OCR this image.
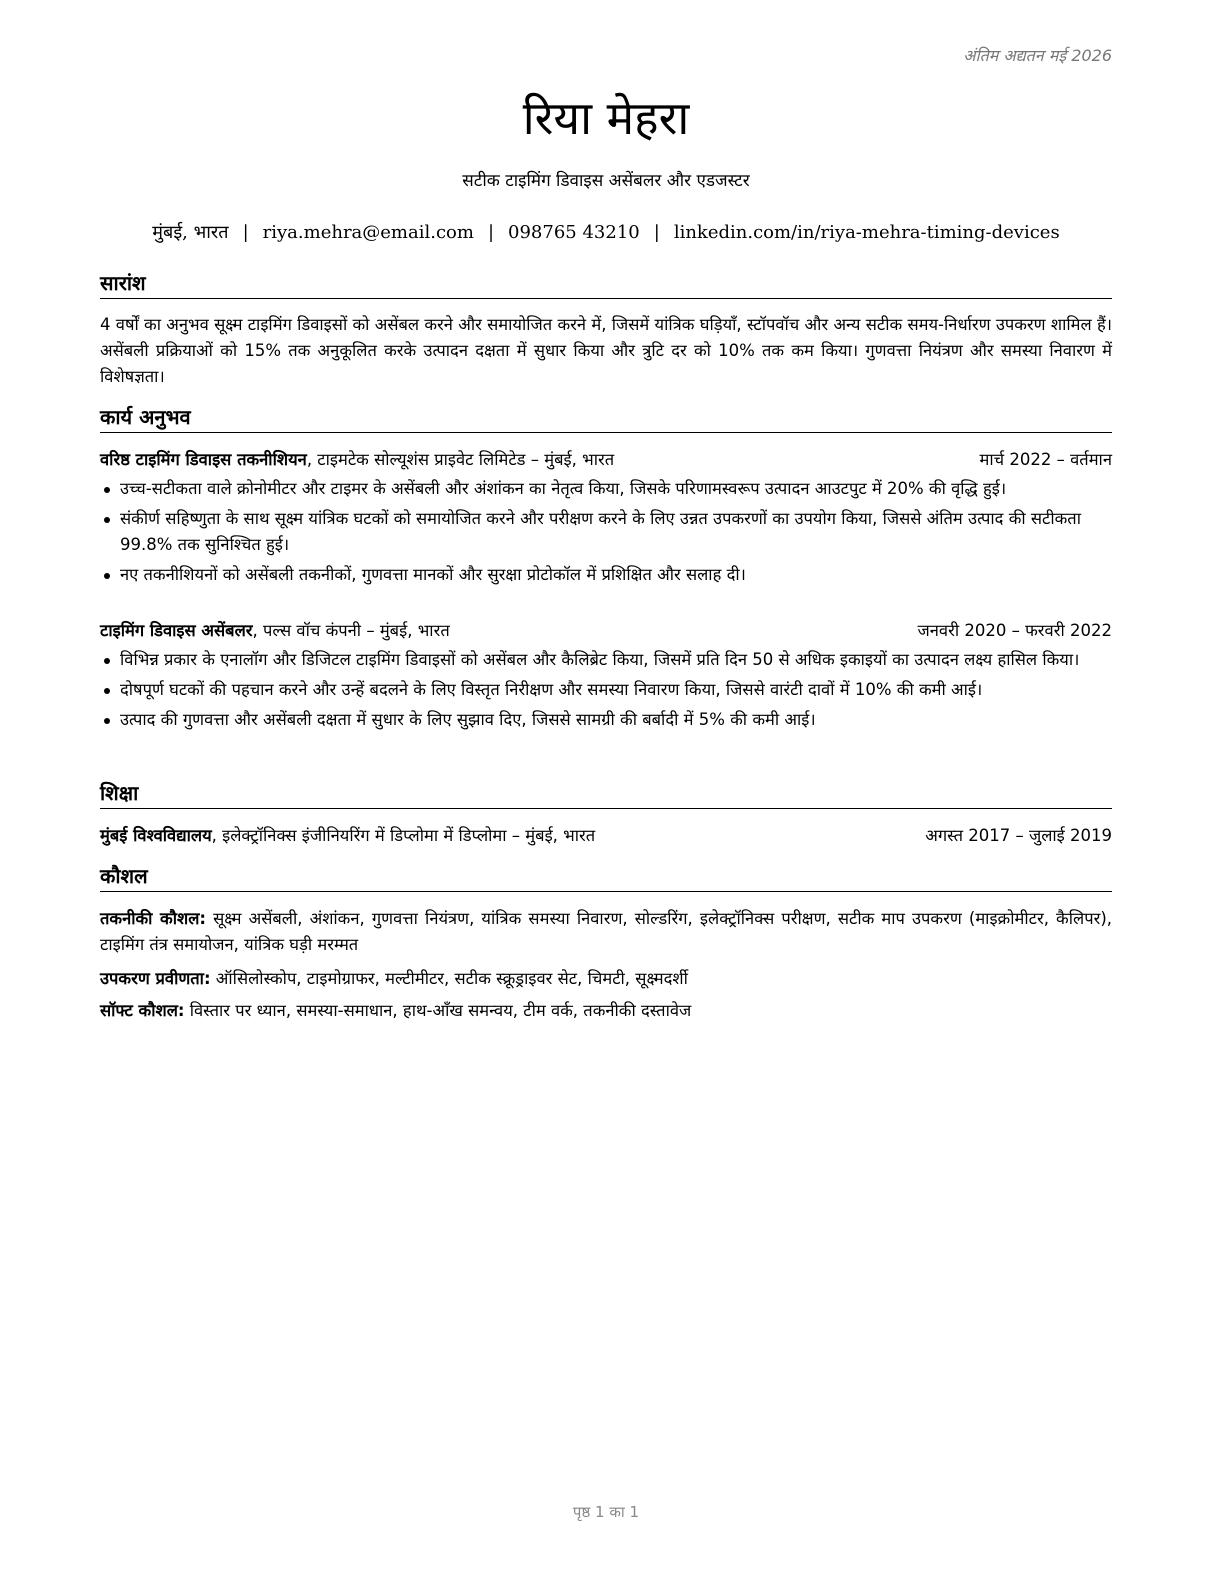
अंतिम अद्यतन मई 2026
रिया मेहरा
सटीक टाइमिंग डिवाइस असेंबलर और एडजस्टर
मुंबई, भारत | riya.mehra@email.com | 098765 43210 | linkedin.com/in/riya-mehra-timing-devices
सारांश
4 वर्षों का अनुभव सूक्ष्म टाइमिंग डिवाइसों को असेंबल करने और समायोजित करने में, जिसमें यांत्रिक घड़ियाँ, स्टॉपवॉच और अन्य सटीक समय-निर्धारण उपकरण शामिल हैं। असेंबली प्रक्रियाओं को 15% तक अनुकूलित करके उत्पादन दक्षता में सुधार किया और त्रुटि दर को 10% तक कम किया। गुणवत्ता नियंत्रण और समस्या निवारण में विशेषज्ञता।
कार्य अनुभव
वरिष्ठ टाइमिंग डिवाइस तकनीशियन, टाइमटेक सोल्यूशंस प्राइवेट लिमिटेड – मुंबई, भारत	मार्च 2022 – वर्तमान
उच्च-सटीकता वाले क्रोनोमीटर और टाइमर के असेंबली और अंशांकन का नेतृत्व किया, जिसके परिणामस्वरूप उत्पादन आउटपुट में 20% की वृद्धि हुई।
संकीर्ण सहिष्णुता के साथ सूक्ष्म यांत्रिक घटकों को समायोजित करने और परीक्षण करने के लिए उन्नत उपकरणों का उपयोग किया, जिससे अंतिम उत्पाद की सटीकता 99.8% तक सुनिश्चित हुई।
नए तकनीशियनों को असेंबली तकनीकों, गुणवत्ता मानकों और सुरक्षा प्रोटोकॉल में प्रशिक्षित और सलाह दी।
टाइमिंग डिवाइस असेंबलर, पल्स वॉच कंपनी – मुंबई, भारत	जनवरी 2020 – फरवरी 2022
विभिन्न प्रकार के एनालॉग और डिजिटल टाइमिंग डिवाइसों को असेंबल और कैलिब्रेट किया, जिसमें प्रति दिन 50 से अधिक इकाइयों का उत्पादन लक्ष्य हासिल किया।
दोषपूर्ण घटकों की पहचान करने और उन्हें बदलने के लिए विस्तृत निरीक्षण और समस्या निवारण किया, जिससे वारंटी दावों में 10% की कमी आई।
उत्पाद की गुणवत्ता और असेंबली दक्षता में सुधार के लिए सुझाव दिए, जिससे सामग्री की बर्बादी में 5% की कमी आई।
शिक्षा
मुंबई विश्वविद्यालय, इलेक्ट्रॉनिक्स इंजीनियरिंग में डिप्लोमा में डिप्लोमा – मुंबई, भारत	अगस्त 2017 – जुलाई 2019
कौशल
तकनीकी कौशल: सूक्ष्म असेंबली, अंशांकन, गुणवत्ता नियंत्रण, यांत्रिक समस्या निवारण, सोल्डरिंग, इलेक्ट्रॉनिक्स परीक्षण, सटीक माप उपकरण (माइक्रोमीटर, कैलिपर), टाइमिंग तंत्र समायोजन, यांत्रिक घड़ी मरम्मत
उपकरण प्रवीणता: ऑसिलोस्कोप, टाइमोग्राफर, मल्टीमीटर, सटीक स्क्रूड्राइवर सेट, चिमटी, सूक्ष्मदर्शी
सॉफ्ट कौशल: विस्तार पर ध्यान, समस्या-समाधान, हाथ-आँख समन्वय, टीम वर्क, तकनीकी दस्तावेज
पृष्ठ 1 का 1
